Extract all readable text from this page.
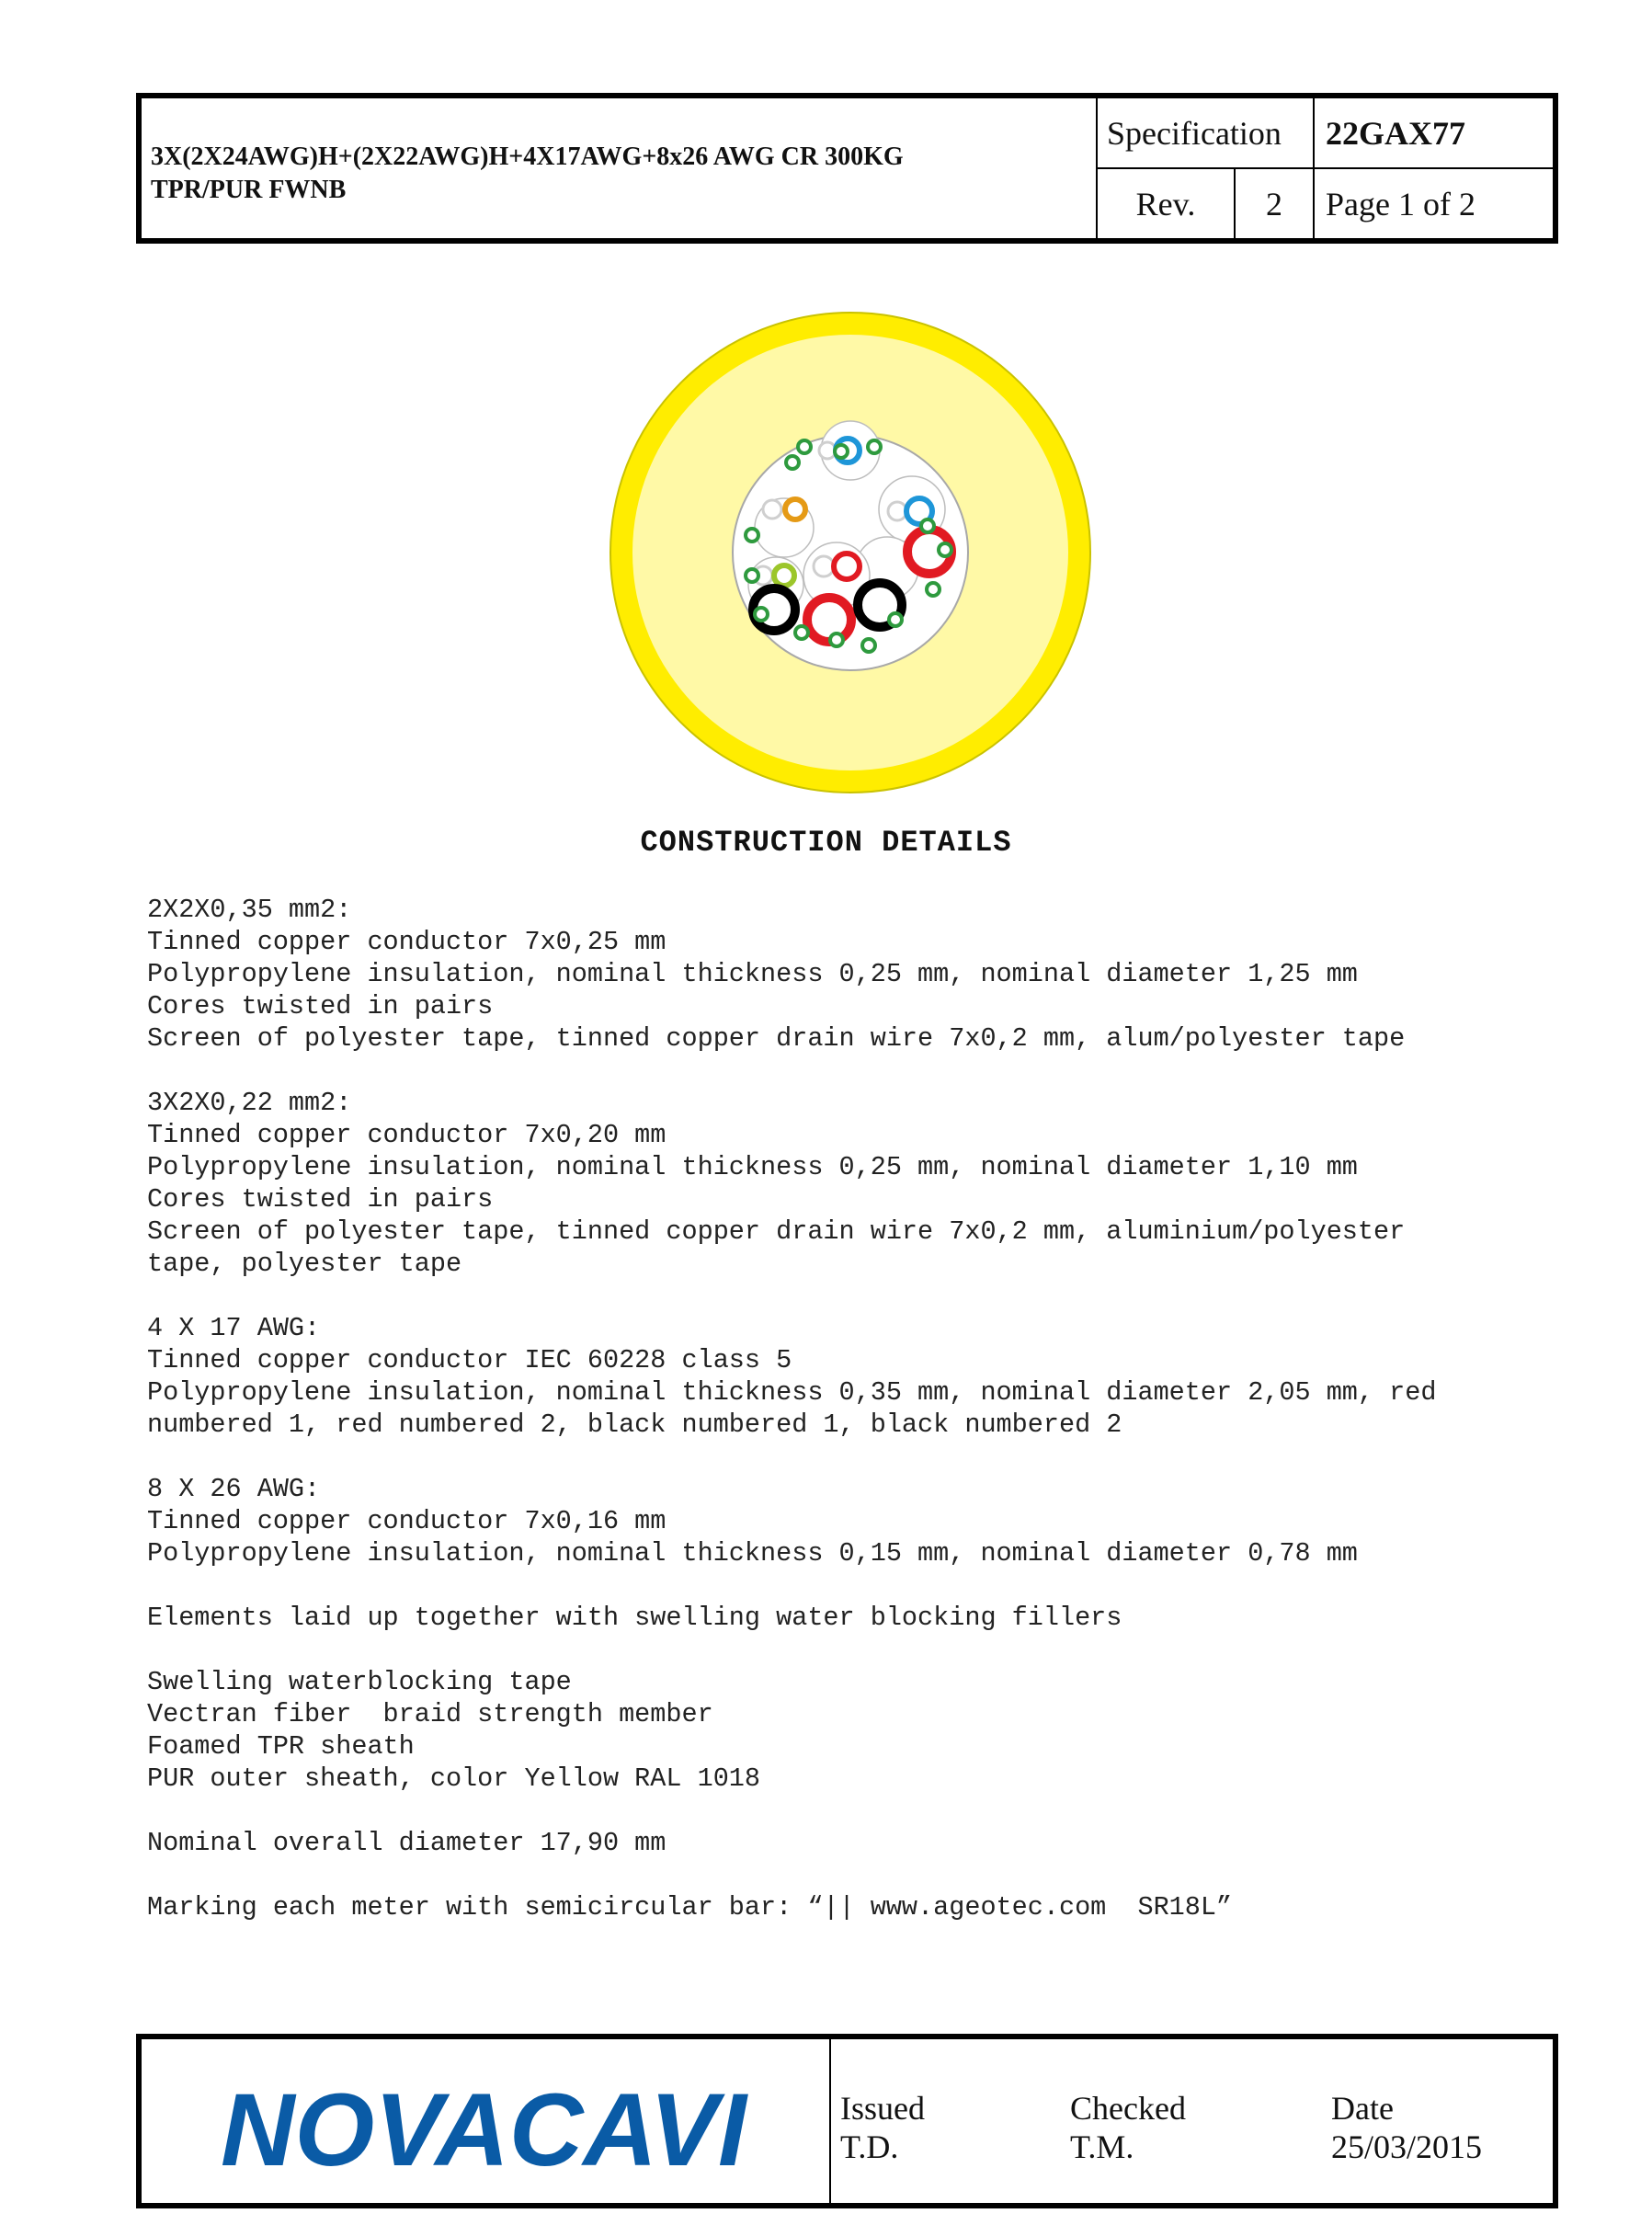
3X(2X24AWG)H+(2X22AWG)H+4X17AWG+8x26 AWG CR 300KG
TPR/PUR FWNB
Specification	22GAX77
Rev.	2	Page 1 of 2
CONSTRUCTION DETAILS
2X2X0,35 mm2:
Tinned copper conductor 7x0,25 mm
Polypropylene insulation, nominal thickness 0,25 mm, nominal diameter 1,25 mm
Cores twisted in pairs
Screen of polyester tape, tinned copper drain wire 7x0,2 mm, alum/polyester tape
3X2X0,22 mm2:
Tinned copper conductor 7x0,20 mm
Polypropylene insulation, nominal thickness 0,25 mm, nominal diameter 1,10 mm
Cores twisted in pairs
Screen of polyester tape, tinned copper drain wire 7x0,2 mm, aluminium/polyester
tape, polyester tape
4 X 17 AWG:
Tinned copper conductor IEC 60228 class 5
Polypropylene insulation, nominal thickness 0,35 mm, nominal diameter 2,05 mm, red
numbered 1, red numbered 2, black numbered 1, black numbered 2
8 X 26 AWG:
Tinned copper conductor 7x0,16 mm
Polypropylene insulation, nominal thickness 0,15 mm, nominal diameter 0,78 mm
Elements laid up together with swelling water blocking fillers
Swelling waterblocking tape
Vectran fiber  braid strength member
Foamed TPR sheath
PUR outer sheath, color Yellow RAL 1018
Nominal overall diameter 17,90 mm
Marking each meter with semicircular bar: “|| www.ageotec.com  SR18L”
NOVACAVI	Issued
T.D.
Checked
T.M.
Date
25/03/2015
